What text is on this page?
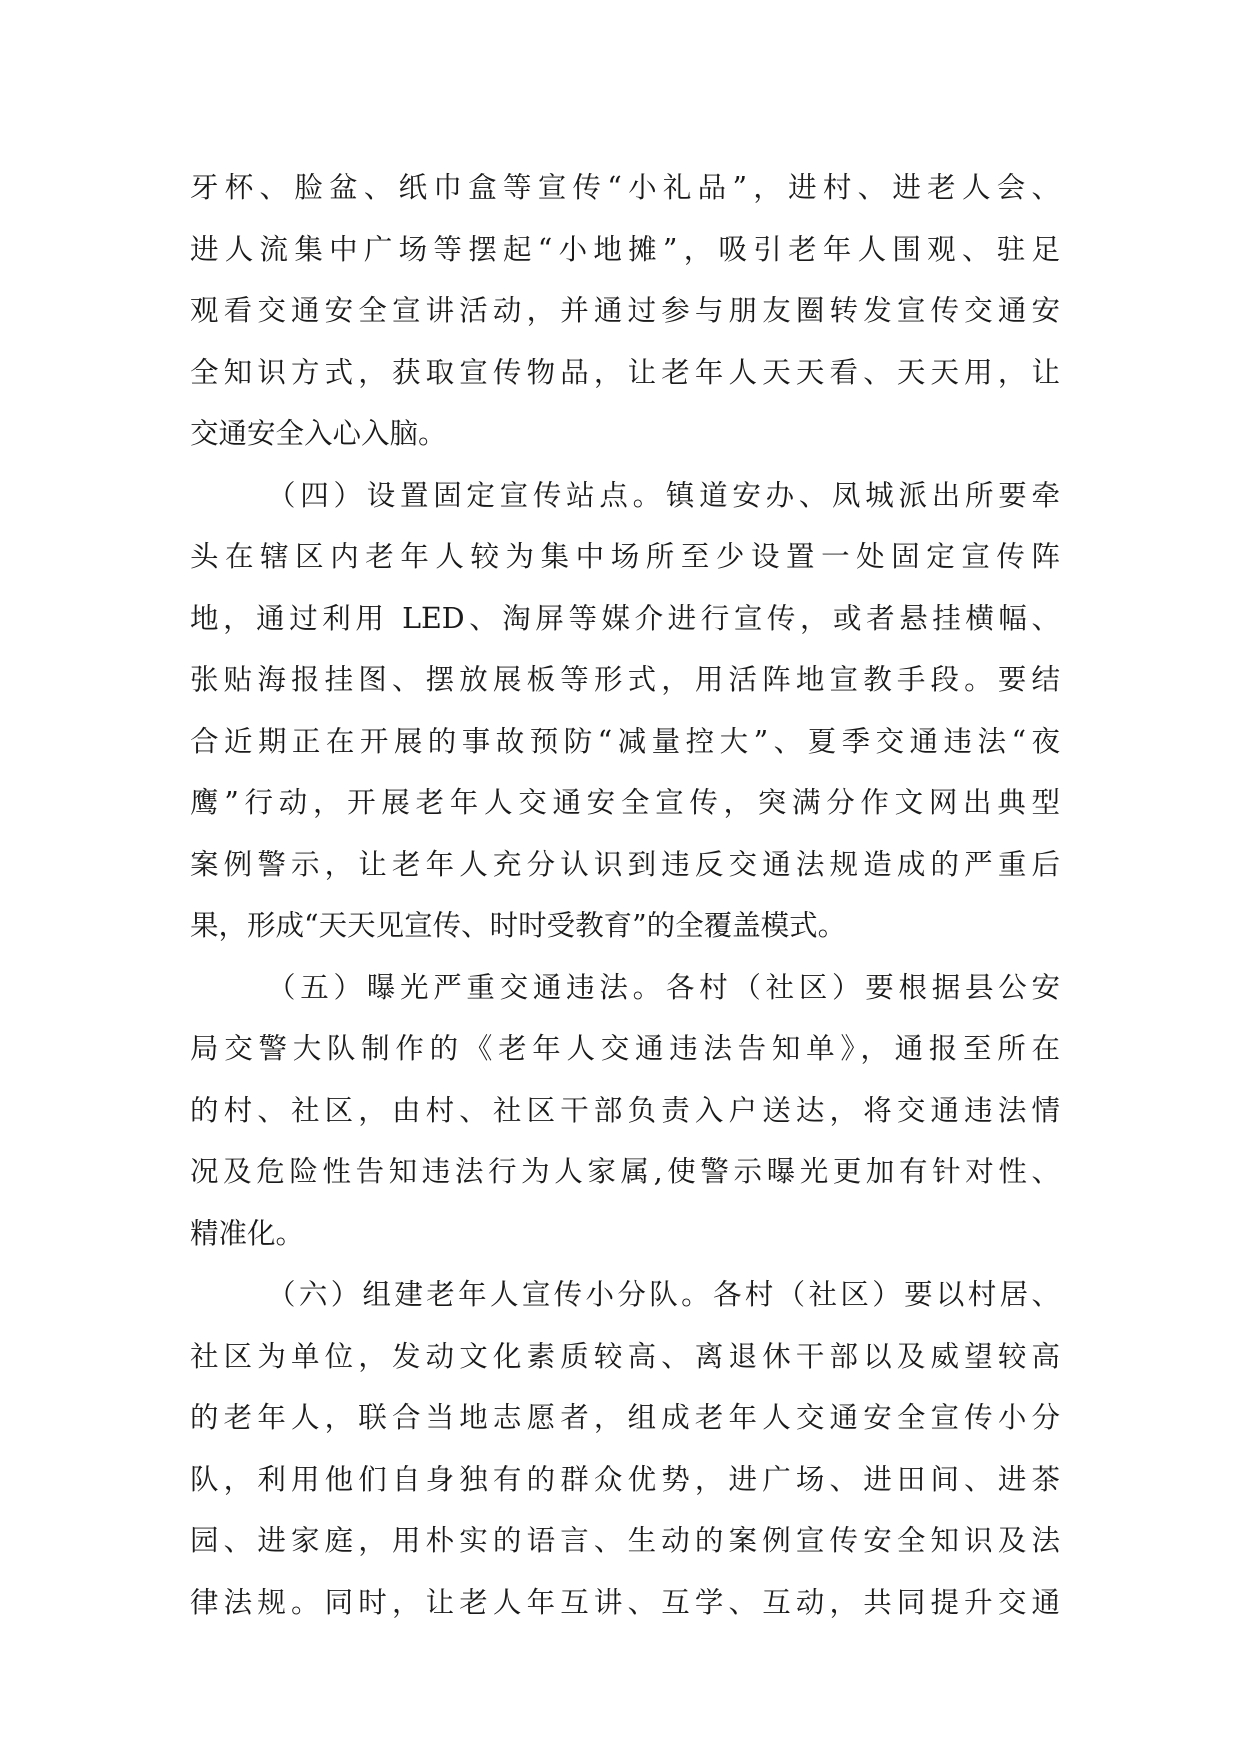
牙杯、脸盆、纸巾盒等宣传“小礼品”，进村、进老人会、
进人流集中广场等摆起“小地摊”，吸引老年人围观、驻足
观看交通安全宣讲活动，并通过参与朋友圈转发宣传交通安
全知识方式，获取宣传物品，让老年人天天看、天天用，让
交通安全入心入脑。
（四）设置固定宣传站点。镇道安办、凤城派出所要牵
头在辖区内老年人较为集中场所至少设置一处固定宣传阵
地，通过利用 LED、淘屏等媒介进行宣传，或者悬挂横幅、
张贴海报挂图、摆放展板等形式，用活阵地宣教手段。要结
合近期正在开展的事故预防“减量控大”、夏季交通违法“夜
鹰”行动，开展老年人交通安全宣传，突满分作文网出典型
案例警示，让老年人充分认识到违反交通法规造成的严重后
果，形成“天天见宣传、时时受教育”的全覆盖模式。
（五）曝光严重交通违法。各村（社区）要根据县公安
局交警大队制作的《老年人交通违法告知单》，通报至所在
的村、社区，由村、社区干部负责入户送达，将交通违法情
况及危险性告知违法行为人家属,使警示曝光更加有针对性、
精准化。
（六）组建老年人宣传小分队。各村（社区）要以村居、
社区为单位，发动文化素质较高、离退休干部以及威望较高
的老年人，联合当地志愿者，组成老年人交通安全宣传小分
队，利用他们自身独有的群众优势，进广场、进田间、进茶
园、进家庭，用朴实的语言、生动的案例宣传安全知识及法
律法规。同时，让老人年互讲、互学、互动，共同提升交通
